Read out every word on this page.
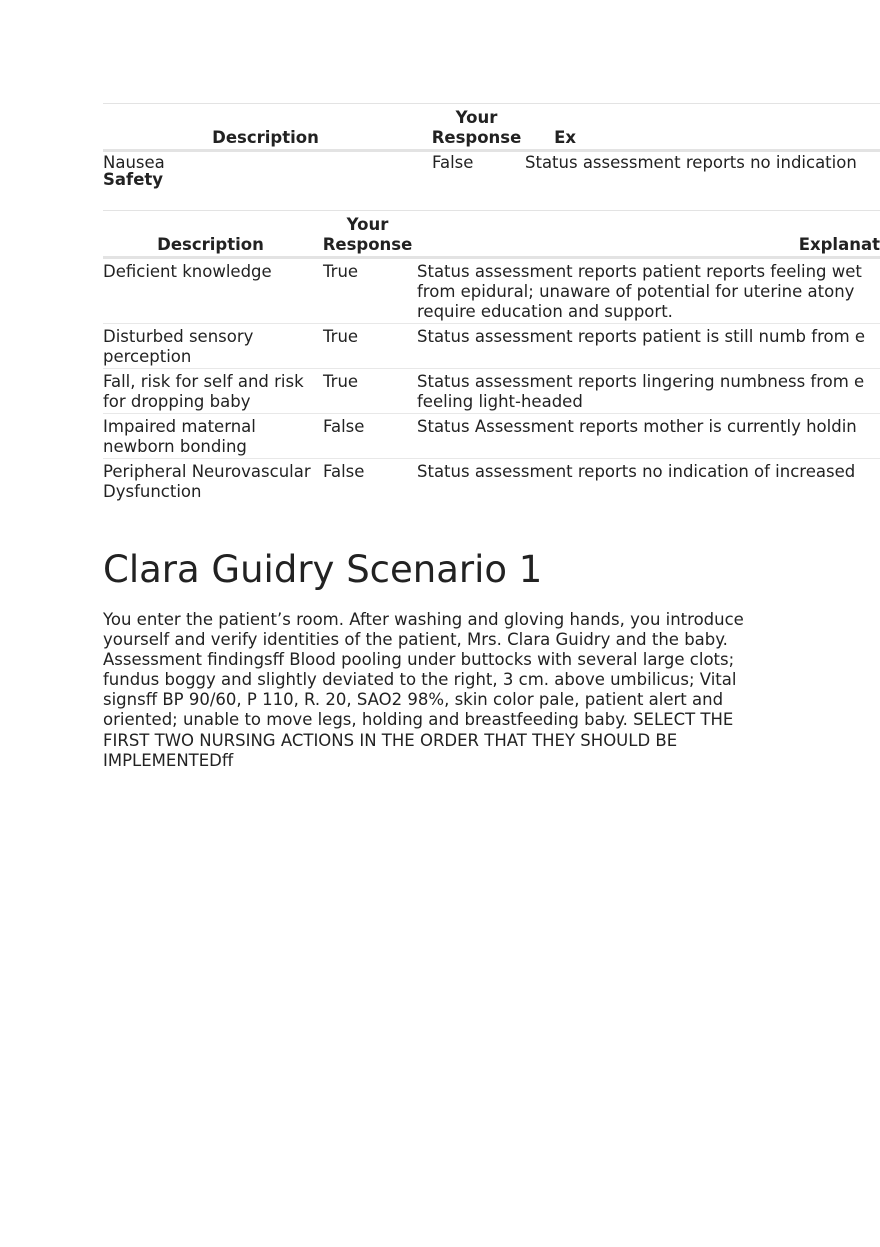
Description	Your Response	Ex
Nausea	False	Status assessment reports no indication
Safety
Description	Your Response	Explanat
Deficient knowledge	True	Status assessment reports patient reports feeling wet from epidural; unaware of potential for uterine atony require education and support.
Disturbed sensory perception	True	Status assessment reports patient is still numb from e
Fall, risk for self and risk for dropping baby	True	Status assessment reports lingering numbness from e feeling light-headed
Impaired maternal newborn bonding	False	Status Assessment reports mother is currently holdin
Peripheral Neurovascular Dysfunction	False	Status assessment reports no indication of increased
Clara Guidry Scenario 1

You enter the patient’s room. After washing and gloving hands, you introduce yourself and verify identities of the patient, Mrs. Clara Guidry and the baby. Assessment findingsff Blood pooling under buttocks with several large clots; fundus boggy and slightly deviated to the right, 3 cm. above umbilicus; Vital signsff BP 90/60, P 110, R. 20, SAO2 98%, skin color pale, patient alert and oriented; unable to move legs, holding and breastfeeding baby. SELECT THE FIRST TWO NURSING ACTIONS IN THE ORDER THAT THEY SHOULD BE IMPLEMENTEDff
